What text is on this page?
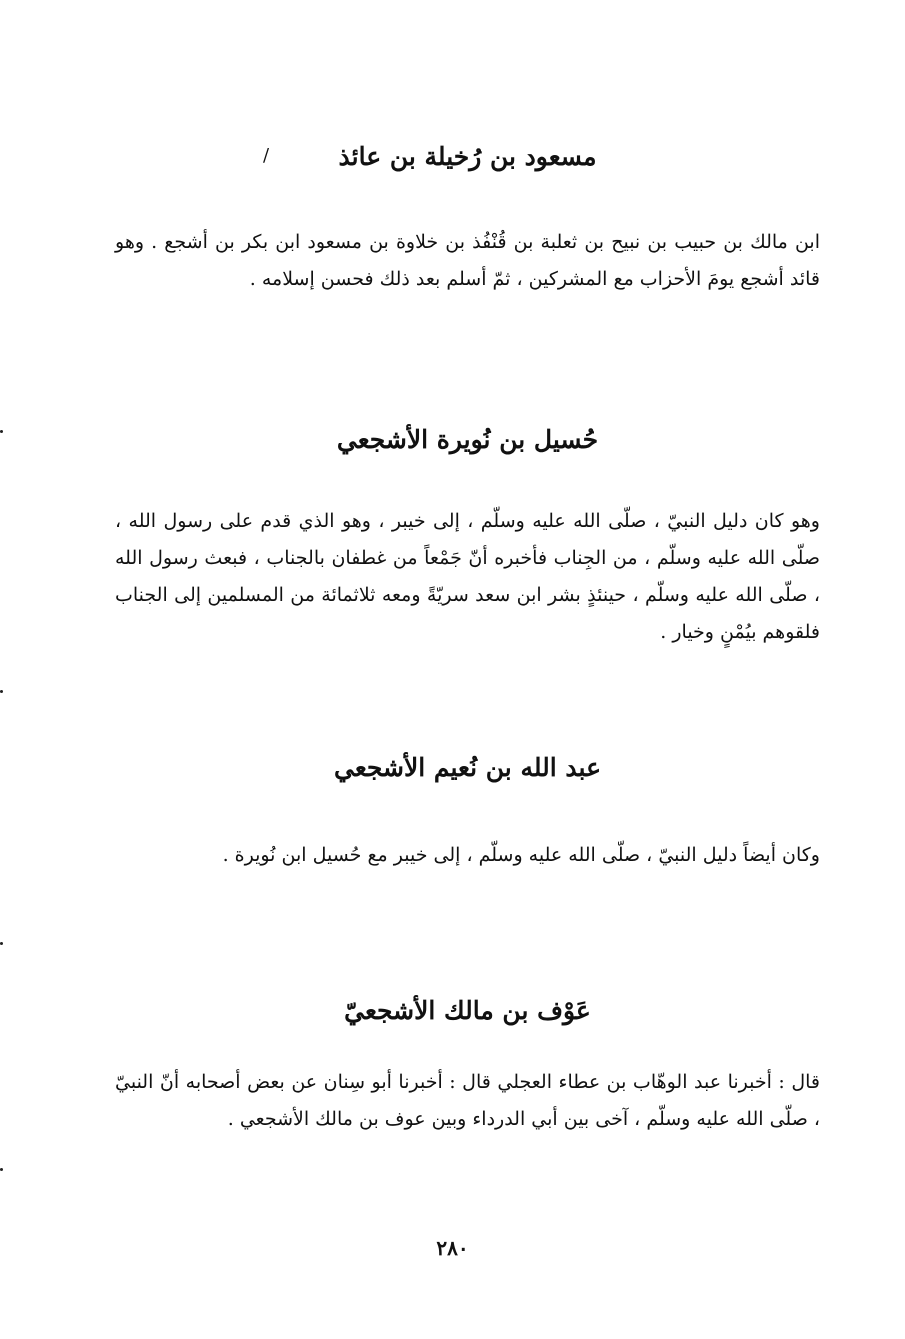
/	مسعود بن رُخيلة بن عائذ

ابن مالك بن حبيب بن نبيح بن ثعلبة بن قُنْفُذ بن خلاوة بن مسعود ابن بكر بن أشجع . وهو قائد أشجع يومَ الأحزاب مع المشركين ، ثمّ أسلم بعد ذلك فحسن إسلامه .

حُسيل بن نُويرة الأشجعي

وهو كان دليل النبيّ ، صلّى الله عليه وسلّم ، إلى خيبر ، وهو الذي قدم على رسول الله ، صلّى الله عليه وسلّم ، من الجِناب فأخبره أنّ جَمْعاً من غطفان بالجناب ، فبعث رسول الله ، صلّى الله عليه وسلّم ، حينئذٍ بشر ابن سعد سريّةً ومعه ثلاثمائة من المسلمين إلى الجناب فلقوهم بيُمْنٍ وخيار .

عبد الله بن نُعيم الأشجعي

وكان أيضاً دليل النبيّ ، صلّى الله عليه وسلّم ، إلى خيبر مع حُسيل ابن نُويرة .

عَوْف بن مالك الأشجعيّ

قال : أخبرنا عبد الوهّاب بن عطاء العجلي قال : أخبرنا أبو سِنان عن بعض أصحابه أنّ النبيّ ، صلّى الله عليه وسلّم ، آخى بين أبي الدرداء وبين عوف بن مالك الأشجعي .

٢٨٠
